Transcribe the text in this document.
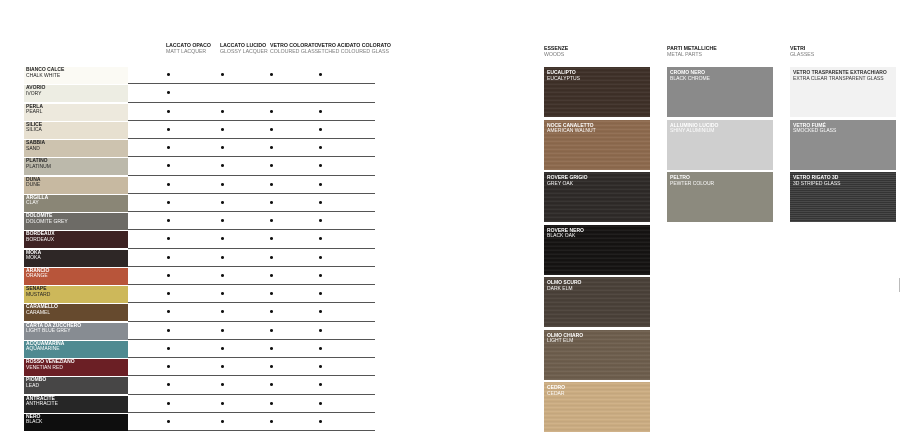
LACCATO OPACO
MATT LACQUER
LACCATO LUCIDO
GLOSSY LACQUER
VETRO COLORATO
COLOURED GLASS
VETRO ACIDATO COLORATO
ETCHED COLOURED GLASS
BIANCO CALCE
CHALK WHITE
AVORIO
IVORY
PERLA
PEARL
SILICE
SILICA
SABBIA
SAND
PLATINO
PLATINUM
DUNA
DUNE
ARGILLA
CLAY
DOLOMITE
DOLOMITE GREY
BORDEAUX
BORDEAUX
MOKA
MOKA
ARANCIO
ORANGE
SENAPE
MUSTARD
CARAMELLO
CARAMEL
CARTA DA ZUCCHERO
LIGHT BLUE GREY
ACQUAMARINA
AQUAMARINE
ROSSO VENEZIANO
VENETIAN RED
PIOMBO
LEAD
ANTRACITE
ANTHRACITE
NERO
BLACK
ESSENZE
WOODS
EUCALIPTO
EUCALYPTUS
NOCE CANALETTO
AMERICAN WALNUT
ROVERE GRIGIO
GREY OAK
ROVERE NERO
BLACK OAK
OLMO SCURO
DARK ELM
OLMO CHIARO
LIGHT ELM
CEDRO
CEDAR
PARTI METALLICHE
METAL PARTS
CROMO NERO
BLACK CHROME
ALLUMINIO LUCIDO
SHINY ALUMINIUM
PELTRO
PEWTER COLOUR
VETRI
GLASSES
VETRO TRASPARENTE EXTRACHIARO
EXTRA CLEAR TRANSPARENT GLASS
VETRO FUMÉ
SMOCKED GLASS
VETRO RIGATO 3D
3D STRIPED GLASS
